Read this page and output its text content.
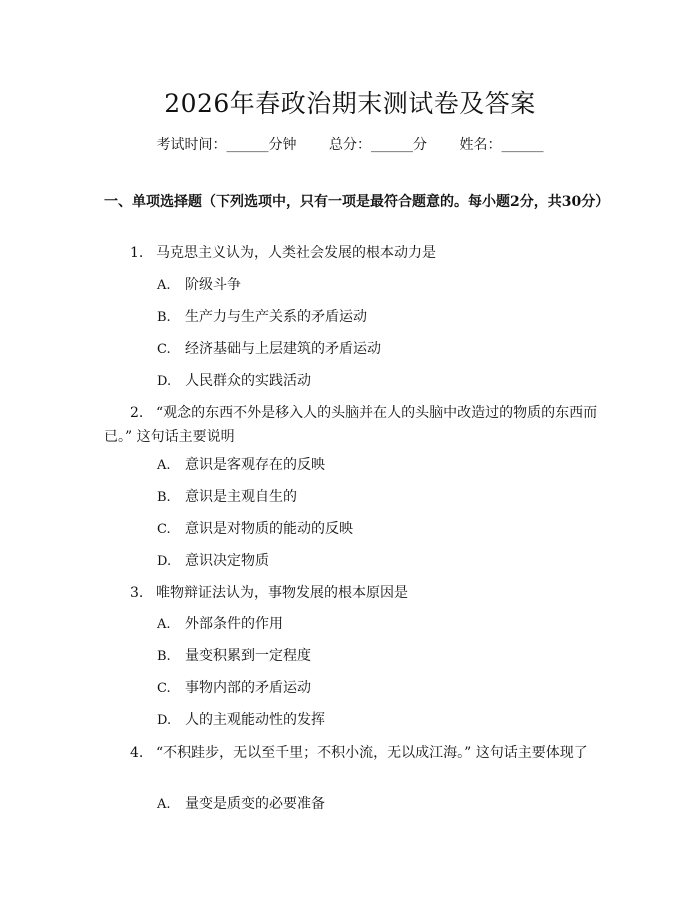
2026年春政治期末测试卷及答案
考试时间：______分钟 总分：______分 姓名：______
一、单项选择题（下列选项中，只有一项是最符合题意的。每小题2分，共30分）
1. 马克思主义认为，人类社会发展的根本动力是
A. 阶级斗争
B. 生产力与生产关系的矛盾运动
C. 经济基础与上层建筑的矛盾运动
D. 人民群众的实践活动
2. “观念的东西不外是移入人的头脑并在人的头脑中改造过的物质的东西而已。” 这句话主要说明
A. 意识是客观存在的反映
B. 意识是主观自生的
C. 意识是对物质的能动的反映
D. 意识决定物质
3. 唯物辩证法认为，事物发展的根本原因是
A. 外部条件的作用
B. 量变积累到一定程度
C. 事物内部的矛盾运动
D. 人的主观能动性的发挥
4. “不积跬步，无以至千里；不积小流，无以成江海。” 这句话主要体现了
A. 量变是质变的必要准备
